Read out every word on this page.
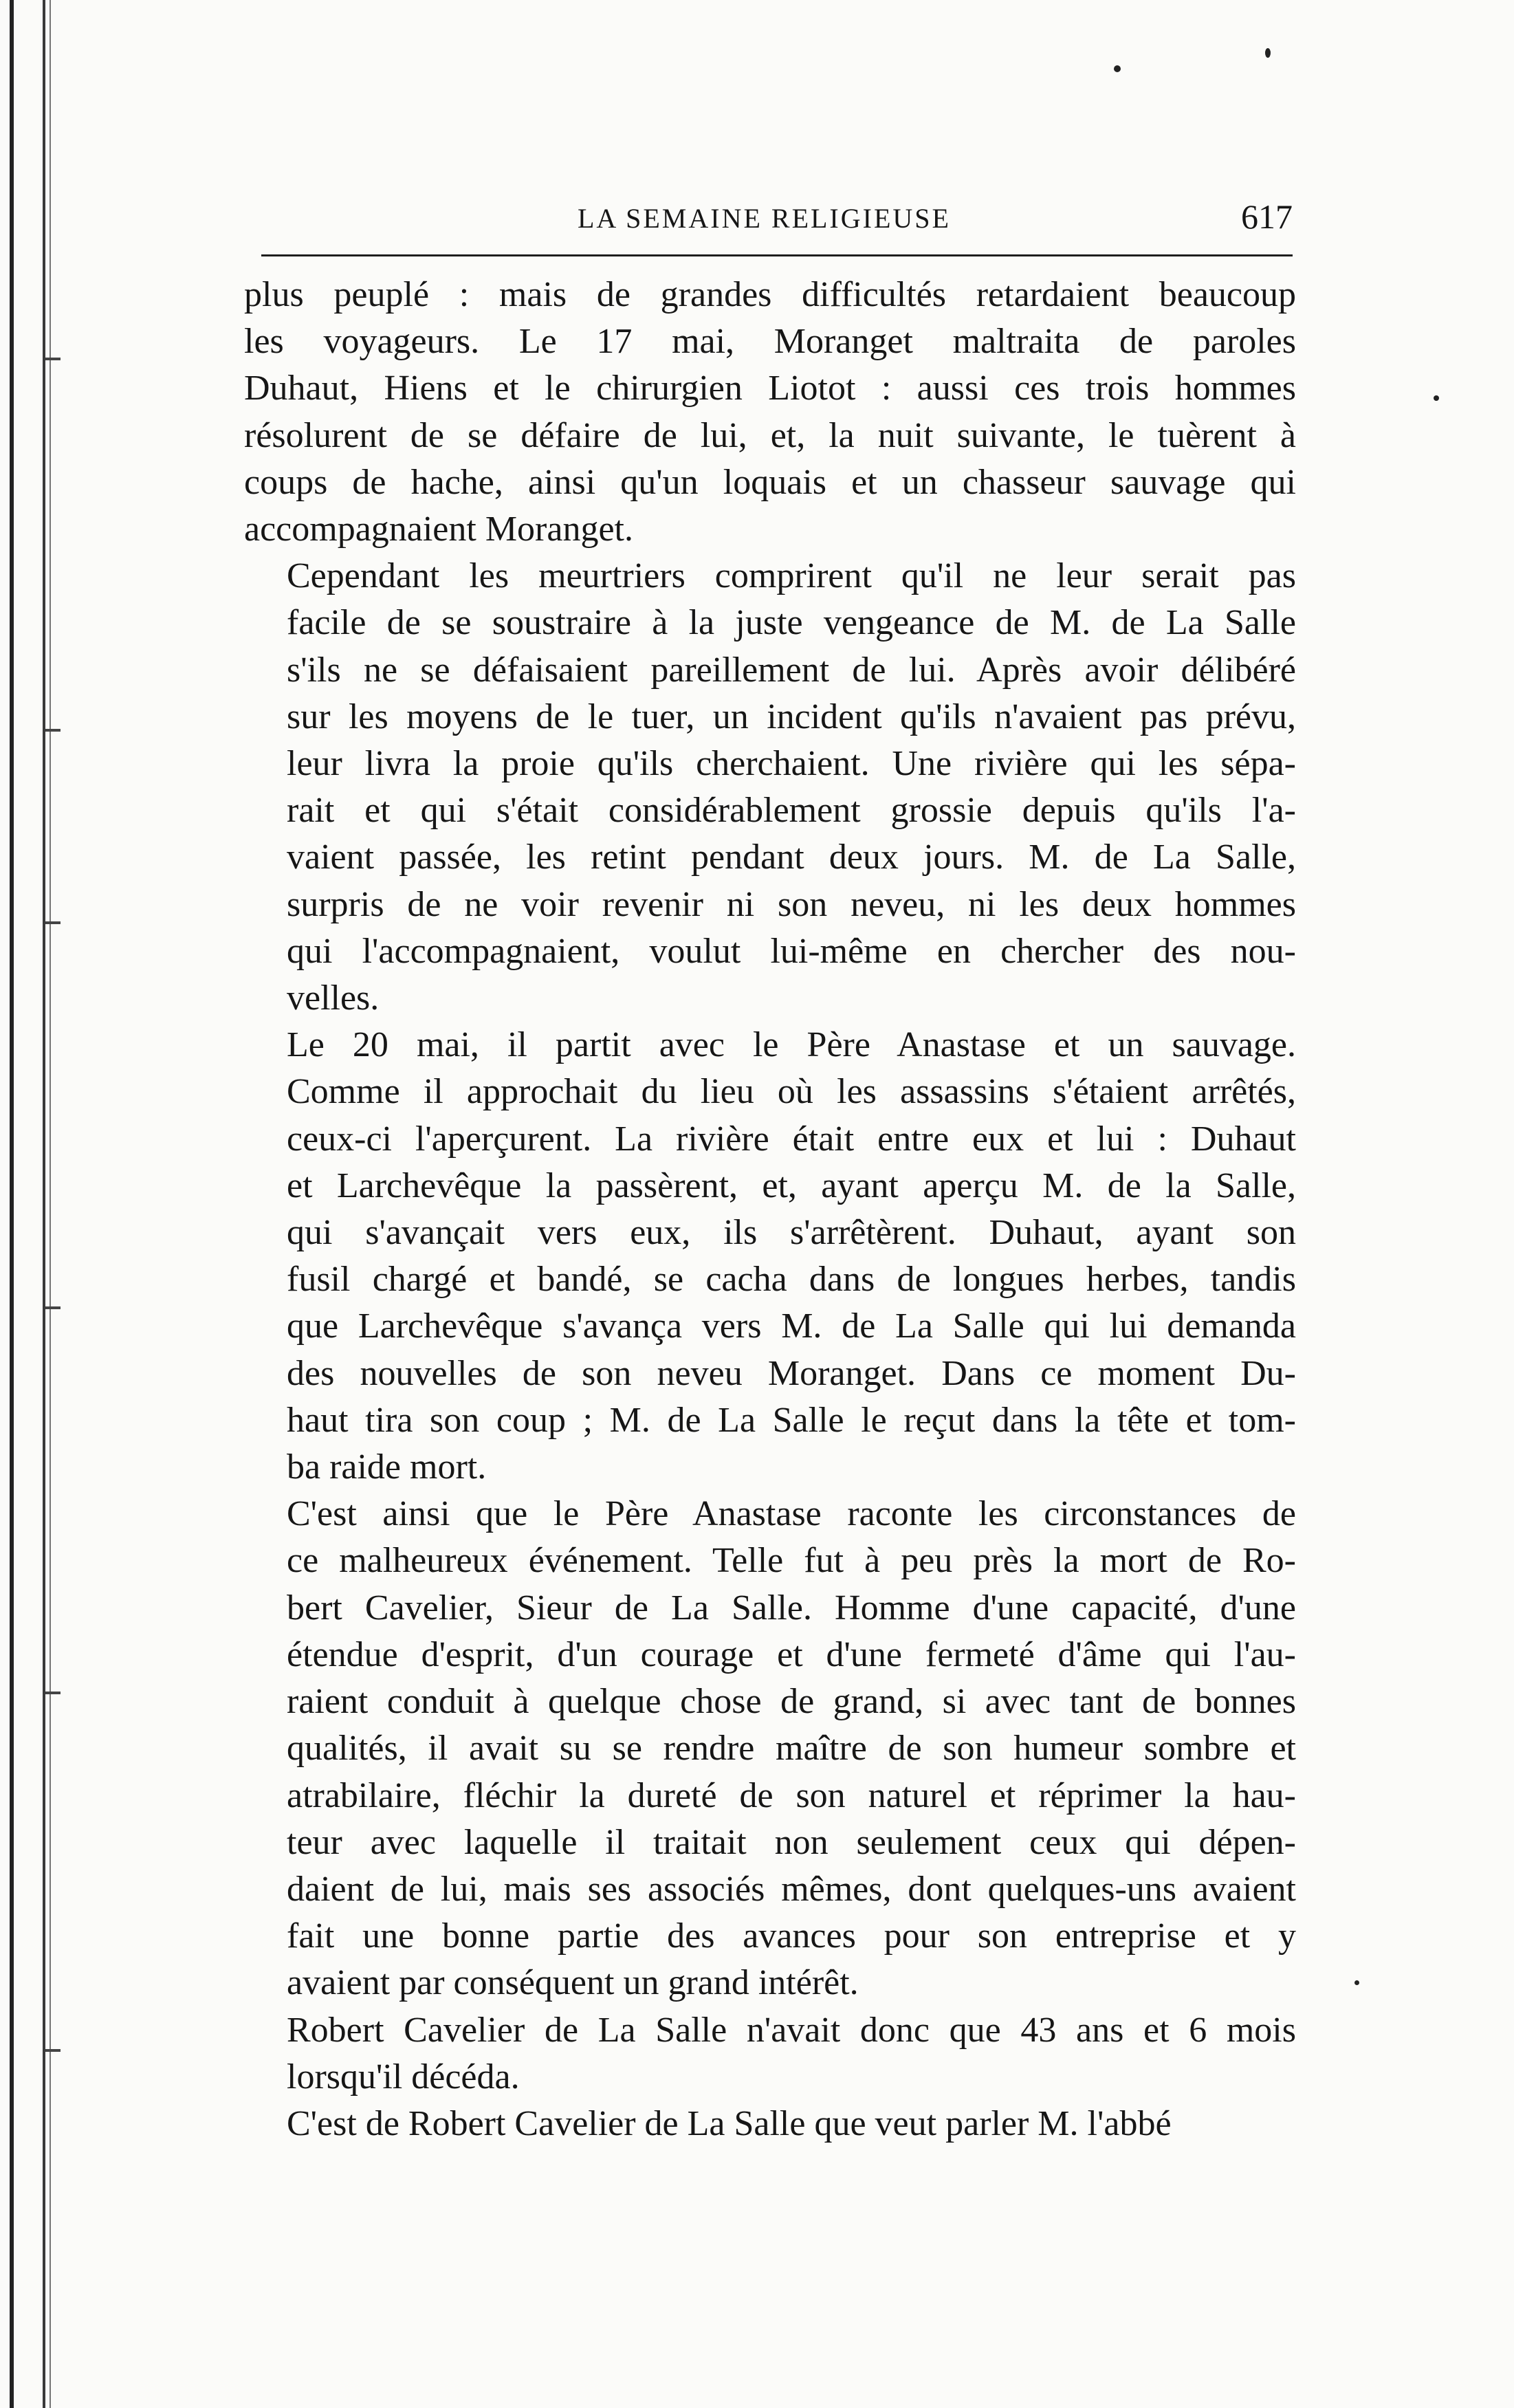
LA SEMAINE RELIGIEUSE	617

plus peuplé : mais de grandes difficultés retardaient beaucoup
les voyageurs. Le 17 mai, Moranget maltraita de paroles
Duhaut, Hiens et le chirurgien Liotot : aussi ces trois hommes
résolurent de se défaire de lui, et, la nuit suivante, le tuèrent à
coups de hache, ainsi qu'un loquais et un chasseur sauvage qui
accompagnaient Moranget.

Cependant les meurtriers comprirent qu'il ne leur serait pas
facile de se soustraire à la juste vengeance de M. de La Salle
s'ils ne se défaisaient pareillement de lui. Après avoir délibéré
sur les moyens de le tuer, un incident qu'ils n'avaient pas prévu,
leur livra la proie qu'ils cherchaient. Une rivière qui les sépa-
rait et qui s'était considérablement grossie depuis qu'ils l'a-
vaient passée, les retint pendant deux jours. M. de La Salle,
surpris de ne voir revenir ni son neveu, ni les deux hommes
qui l'accompagnaient, voulut lui-même en chercher des nou-
velles.

Le 20 mai, il partit avec le Père Anastase et un sauvage.
Comme il approchait du lieu où les assassins s'étaient arrêtés,
ceux-ci l'aperçurent. La rivière était entre eux et lui : Duhaut
et Larchevêque la passèrent, et, ayant aperçu M. de la Salle,
qui s'avançait vers eux, ils s'arrêtèrent. Duhaut, ayant son
fusil chargé et bandé, se cacha dans de longues herbes, tandis
que Larchevêque s'avança vers M. de La Salle qui lui demanda
des nouvelles de son neveu Moranget. Dans ce moment Du-
haut tira son coup ; M. de La Salle le reçut dans la tête et tom-
ba raide mort.

C'est ainsi que le Père Anastase raconte les circonstances de
ce malheureux événement. Telle fut à peu près la mort de Ro-
bert Cavelier, Sieur de La Salle. Homme d'une capacité, d'une
étendue d'esprit, d'un courage et d'une fermeté d'âme qui l'au-
raient conduit à quelque chose de grand, si avec tant de bonnes
qualités, il avait su se rendre maître de son humeur sombre et
atrabilaire, fléchir la dureté de son naturel et réprimer la hau-
teur avec laquelle il traitait non seulement ceux qui dépen-
daient de lui, mais ses associés mêmes, dont quelques-uns avaient
fait une bonne partie des avances pour son entreprise et y
avaient par conséquent un grand intérêt.

Robert Cavelier de La Salle n'avait donc que 43 ans et 6 mois
lorsqu'il décéda.

C'est de Robert Cavelier de La Salle que veut parler M. l'abbé
